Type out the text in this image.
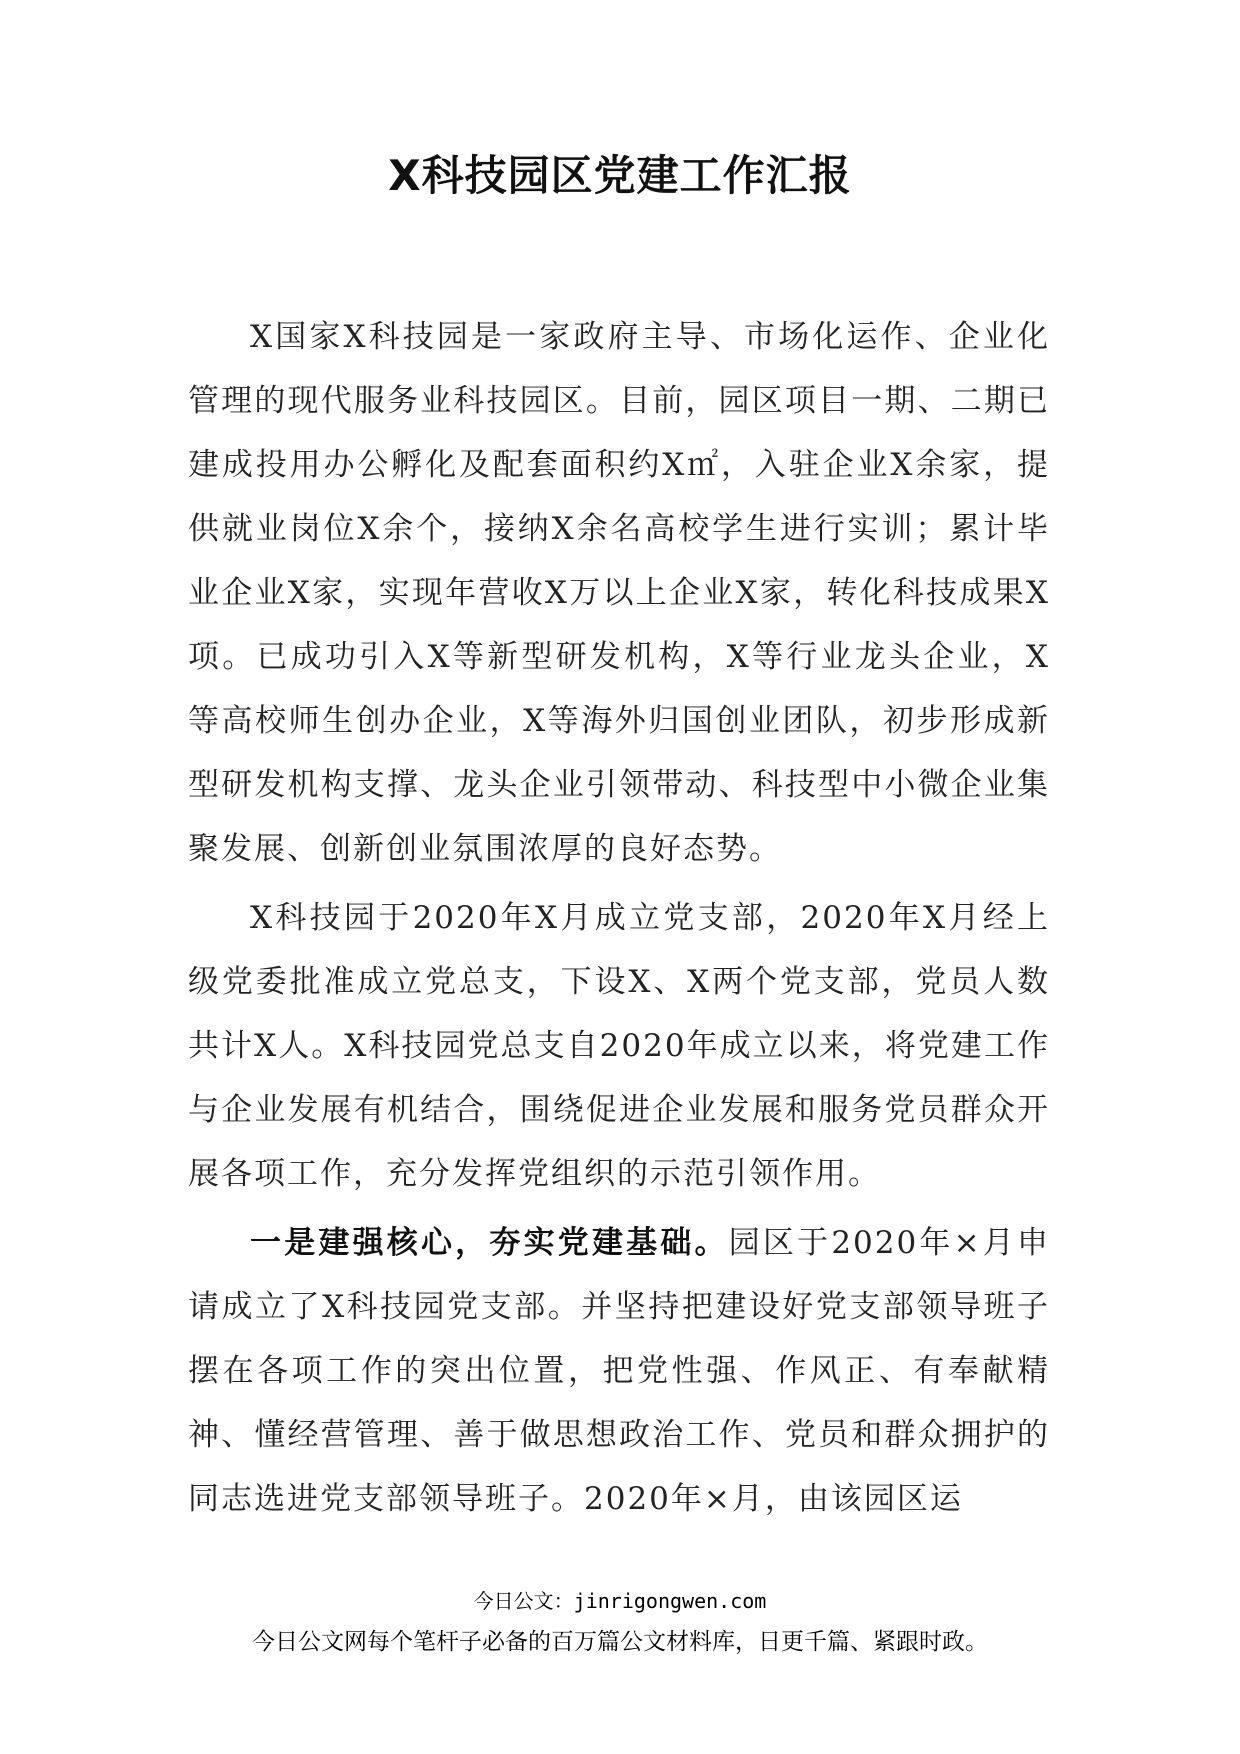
X科技园区党建工作汇报

X国家X科技园是一家政府主导、市场化运作、企业化管理的现代服务业科技园区。目前，园区项目一期、二期已建成投用办公孵化及配套面积约X㎡，入驻企业X余家，提供就业岗位X余个，接纳X余名高校学生进行实训；累计毕业企业X家，实现年营收X万以上企业X家，转化科技成果X项。已成功引入X等新型研发机构，X等行业龙头企业，X等高校师生创办企业，X等海外归国创业团队，初步形成新型研发机构支撑、龙头企业引领带动、科技型中小微企业集聚发展、创新创业氛围浓厚的良好态势。

X科技园于2020年X月成立党支部，2020年X月经上级党委批准成立党总支，下设X、X两个党支部，党员人数共计X人。X科技园党总支自2020年成立以来，将党建工作与企业发展有机结合，围绕促进企业发展和服务党员群众开展各项工作，充分发挥党组织的示范引领作用。

一是建强核心，夯实党建基础。园区于2020年×月申请成立了X科技园党支部。并坚持把建设好党支部领导班子摆在各项工作的突出位置，把党性强、作风正、有奉献精神、懂经营管理、善于做思想政治工作、党员和群众拥护的同志选进党支部领导班子。2020年×月，由该园区运

今日公文：jinrigongwen.com
今日公文网每个笔杆子必备的百万篇公文材料库，日更千篇、紧跟时政。
